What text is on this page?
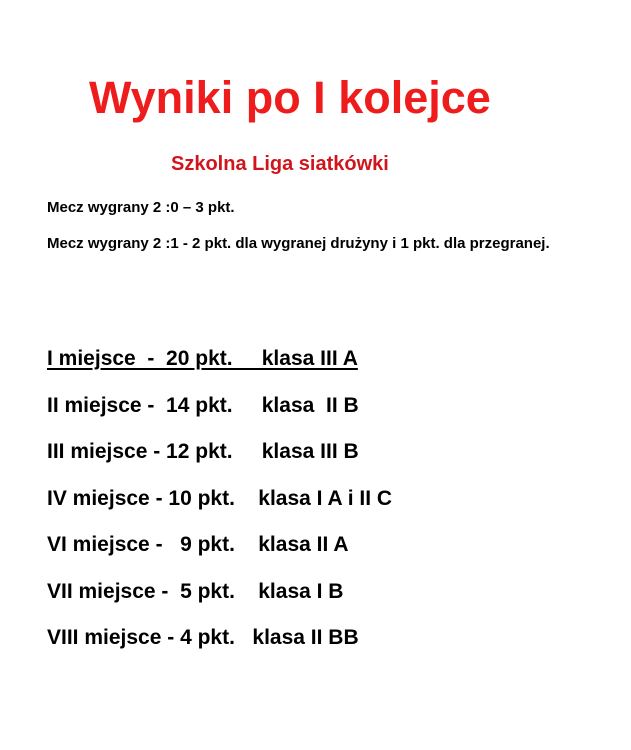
Wyniki po I kolejce
Szkolna Liga siatkówki

Mecz wygrany 2 :0 – 3 pkt.

Mecz wygrany 2 :1 - 2 pkt. dla wygranej drużyny i 1 pkt. dla przegranej.

I miejsce  -  20 pkt.     klasa III A
II miejsce -  14 pkt.     klasa  II B
III miejsce - 12 pkt.     klasa III B
IV miejsce - 10 pkt.    klasa I A i II C
VI miejsce -   9 pkt.    klasa II A
VII miejsce -  5 pkt.    klasa I B
VIII miejsce - 4 pkt.   klasa II BB
